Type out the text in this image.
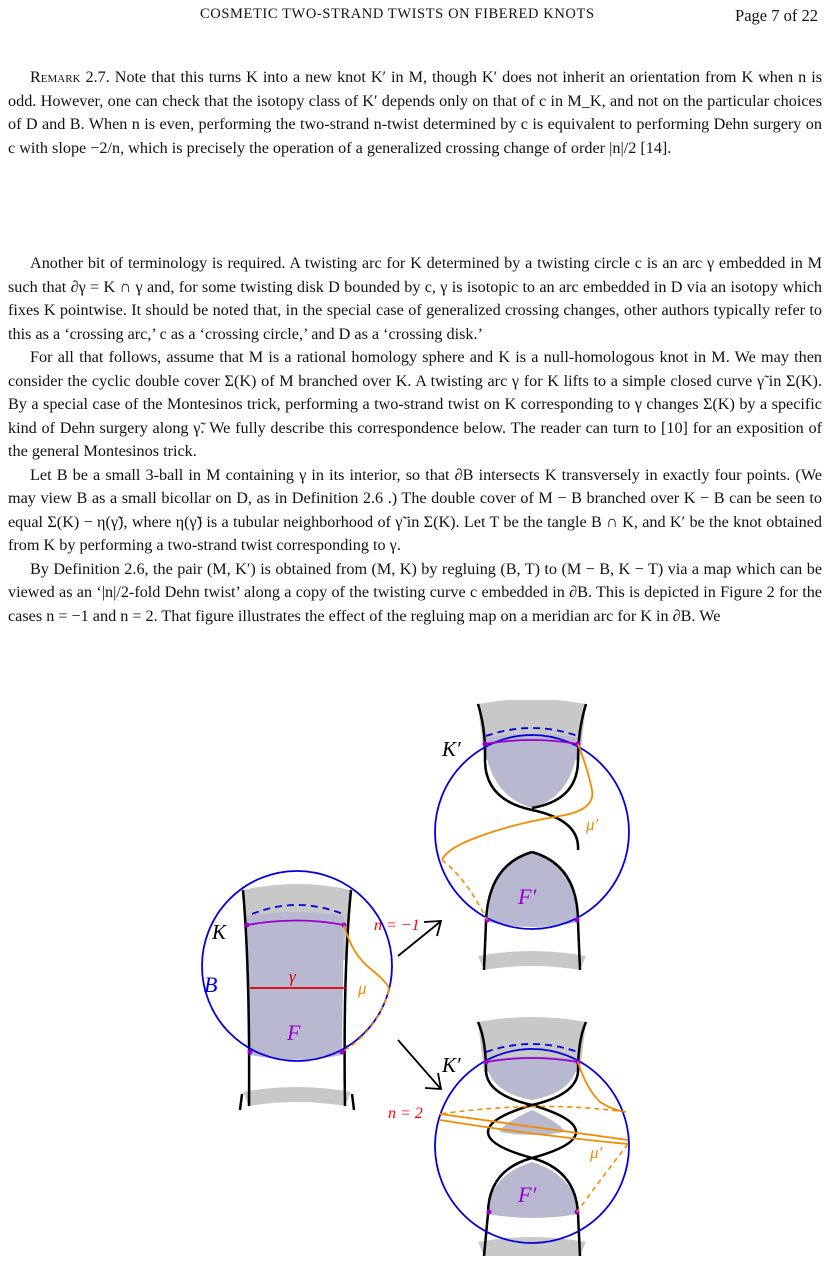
COSMETIC TWO-STRAND TWISTS ON FIBERED KNOTS	Page 7 of 22

Remark 2.7. Note that this turns K into a new knot K′ in M, though K′ does not inherit an orientation from K when n is odd. However, one can check that the isotopy class of K′ depends only on that of c in M_K, and not on the particular choices of D and B. When n is even, performing the two-strand n-twist determined by c is equivalent to performing Dehn surgery on c with slope −2/n, which is precisely the operation of a generalized crossing change of order |n|/2 [14].

Another bit of terminology is required. A twisting arc for K determined by a twisting circle c is an arc γ embedded in M such that ∂γ = K ∩ γ and, for some twisting disk D bounded by c, γ is isotopic to an arc embedded in D via an isotopy which fixes K pointwise. It should be noted that, in the special case of generalized crossing changes, other authors typically refer to this as a ‘crossing arc,’ c as a ‘crossing circle,’ and D as a ‘crossing disk.’

For all that follows, assume that M is a rational homology sphere and K is a null-homologous knot in M. We may then consider the cyclic double cover Σ(K) of M branched over K. A twisting arc γ for K lifts to a simple closed curve γ̃ in Σ(K). By a special case of the Montesinos trick, performing a two-strand twist on K corresponding to γ changes Σ(K) by a specific kind of Dehn surgery along γ̃. We fully describe this correspondence below. The reader can turn to [10] for an exposition of the general Montesinos trick.

Let B be a small 3-ball in M containing γ in its interior, so that ∂B intersects K transversely in exactly four points. (We may view B as a small bicollar on D, as in Definition 2.6 .) The double cover of M − B branched over K − B can be seen to equal Σ(K) − η(γ̃), where η(γ̃) is a tubular neighborhood of γ̃ in Σ(K). Let T be the tangle B ∩ K, and K′ be the knot obtained from K by performing a two-strand twist corresponding to γ.

By Definition 2.6, the pair (M, K′) is obtained from (M, K) by regluing (B, T) to (M − B, K − T) via a map which can be viewed as an ‘|n|/2-fold Dehn twist’ along a copy of the twisting curve c embedded in ∂B. This is depicted in Figure 2 for the cases n = −1 and n = 2. That figure illustrates the effect of the regluing map on a meridian arc for K in ∂B. We

K
B	γ
μ
F
n = −1
n = 2
K′
μ′
F′
K′
μ′
F′
